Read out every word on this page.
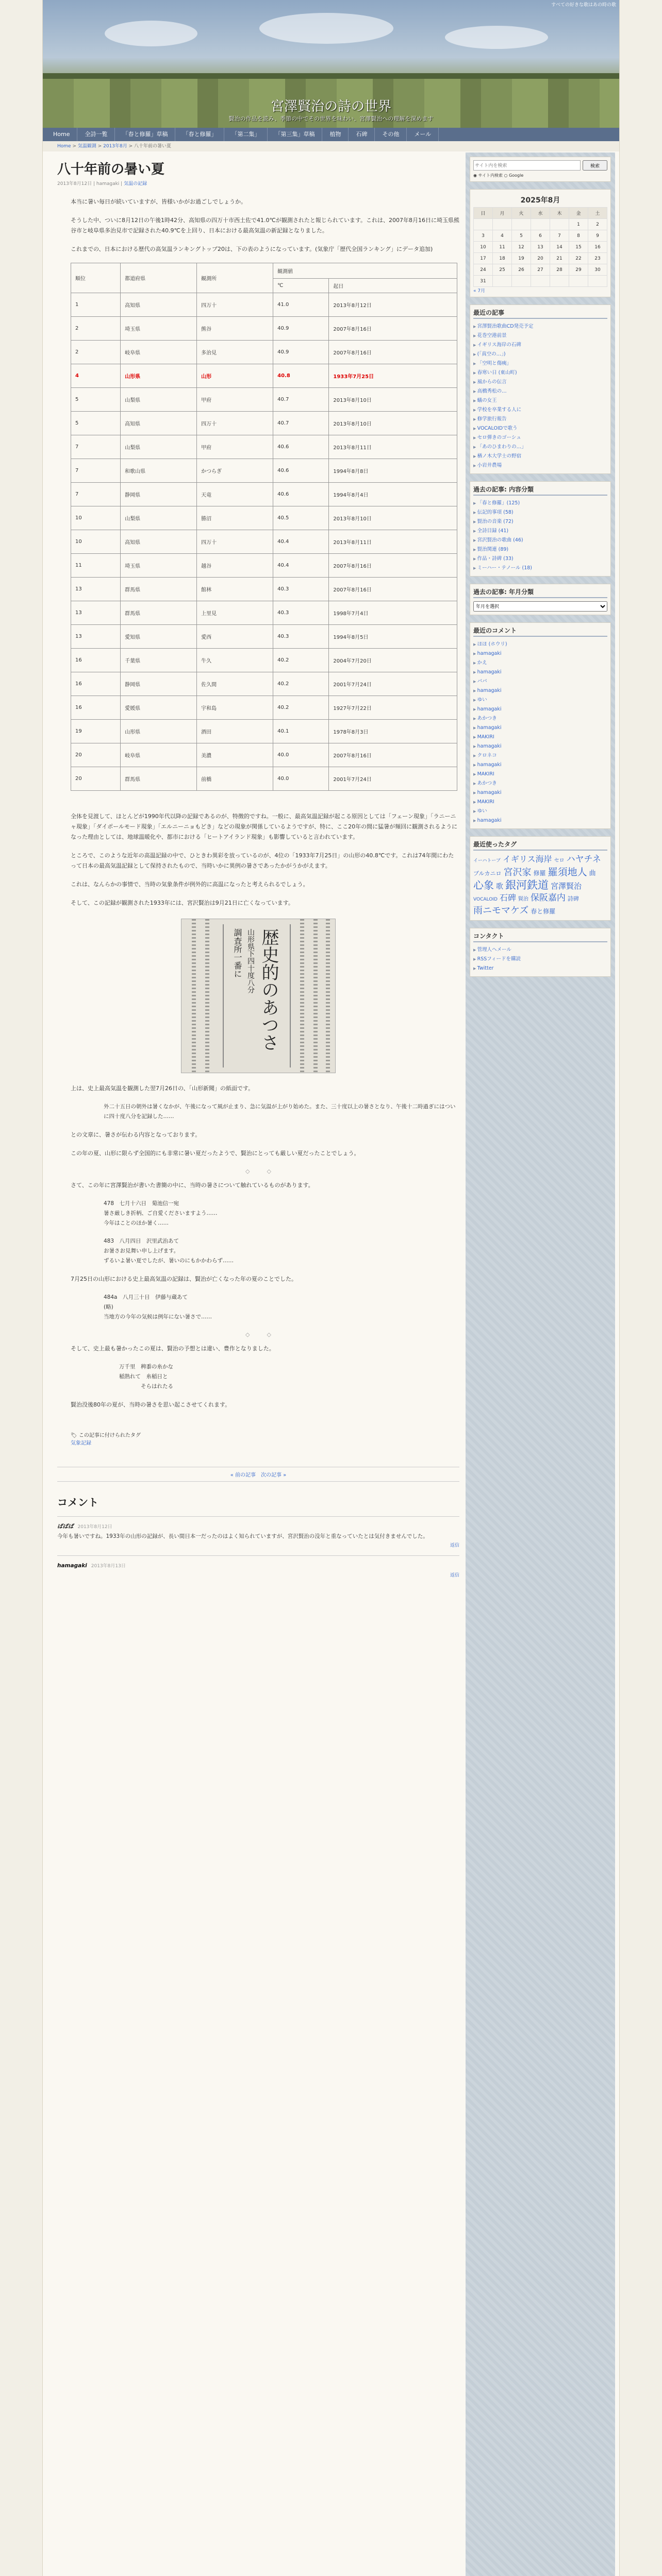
すべての好きな歌はあの時の歌
宮澤賢治の詩の世界
賢治の作品を読み、季節の中でその世界を味わい、宮澤賢治への理解を深めます
Home	全詩一覧	「春と修羅」草稿	「春と修羅」	「第二集」	「第三集」草稿	植物	石碑	その他	メール
Home > 気温観測 > 2013年8月 > 八十年前の暑い夏
八十年前の暑い夏
2013年8月12日 | hamagaki | 気温の記録

本当に暑い毎日が続いていますが、皆様いかがお過ごしでしょうか。

そうした中、ついに8月12日の午後1時42分、高知県の四万十市西土佐で41.0℃が観測されたと報じられています。これは、2007年8月16日に埼玉県熊谷市と岐阜県多治見市で記録された40.9℃を上回り、日本における最高気温の新記録となりました。

これまでの、日本における歴代の高気温ランキングトップ20は、下の表のようになっています。(気象庁「歴代全国ランキング」にデータ追加)

順位	都道府県	観測所	観測値	
			℃	起日
1	高知県	四万十	41.0	2013年8月12日
2	埼玉県	熊谷	40.9	2007年8月16日
2	岐阜県	多治見	40.9	2007年8月16日
4	山形県	山形	40.8	1933年7月25日
5	山梨県	甲府	40.7	2013年8月10日
5	高知県	四万十	40.7	2013年8月10日
7	山梨県	甲府	40.6	2013年8月11日
7	和歌山県	かつらぎ	40.6	1994年8月8日
7	静岡県	天竜	40.6	1994年8月4日
10	山梨県	勝沼	40.5	2013年8月10日
10	高知県	四万十	40.4	2013年8月11日
11	埼玉県	越谷	40.4	2007年8月16日
13	群馬県	館林	40.3	2007年8月16日
13	群馬県	上里見	40.3	1998年7月4日
13	愛知県	愛西	40.3	1994年8月5日
16	千葉県	牛久	40.2	2004年7月20日
16	静岡県	佐久間	40.2	2001年7月24日
16	愛媛県	宇和島	40.2	1927年7月22日
19	山形県	酒田	40.1	1978年8月3日
20	岐阜県	美濃	40.0	2007年8月16日
20	群馬県	前橋	40.0	2001年7月24日

全体を見渡して、ほとんどが1990年代以降の記録であるのが、特徴的ですね。一般に、最高気温記録が起こる原因としては「フェーン現象」「ラニーニャ現象」「ダイポールモード現象」「エルニーニョもどき」などの現象が関係しているようですが、特に、ここ20年の間に猛暑が頻回に観測されるようになった理由としては、地球温暖化や、都市における「ヒートアイランド現象」も影響していると言われています。

ところで、このような近年の高温記録の中で、ひときわ異彩を放っているのが、4位の「1933年7月25日」の山形の40.8℃です。これは74年間にわたって日本の最高気温記録として保持されたもので、当時いかに異例の暑さであったかがうかがえます。

これは、なんらかの事情で、当時の気象条件が例外的に高温になったと考えられるでしょう。

そして、この記録が観測された1933年には、宮沢賢治は9月21日に亡くなっています。

歴史的のあつさ
山形県下四十度八分
調査所一番に

上は、史上最高気温を観測した翌7月26日の、「山形新聞」の紙面です。

外二十五日の朝外は暑くなかが、午後になって風が止まり、急に気温が上がり始めた。また、三十度以上の暑さとなり、午後十二時過ぎにはついに四十度八分を記録した……

との文章に、暑さが伝わる内容となっております。

この年の夏、山形に限らず全国的にも非常に暑い夏だったようで、賢治にとっても厳しい夏だったことでしょう。

◇　　　◇

さて、この年に宮澤賢治が書いた書簡の中に、当時の暑さについて触れているものがあります。

478　七月十六日　菊池信一宛
暑さ厳しき折柄、ご自愛くださいますよう……
今年はことのほか暑く……

483　八月四日　沢里武治あて
お暑さお見舞い申し上げます。
ずるいよ暑い夏でしたが、暑いのにもかかわらず……

7月25日の山形における史上最高気温の記録は、賢治が亡くなった年の夏のことでした。

484a　八月三十日　伊藤与蔵あて
(略)
当地方の今年の気候は例年にない暑さで……

◇　　　◇

そして、史上最も暑かったこの夏は、賢治の予想とは違い、豊作となりました。

万千里　稗黍の糸かな
稲熟れて　糸稲日と
　　　　そらはれたる

賢治没後80年の夏が、当時の暑さを思い起こさせてくれます。

🏷 この記事に付けられたタグ
気象記録
« 前の記事　次の記事 »
コメント
ばばば 2013年8月12日
今年も暑いですね。1933年の山形の記録が、長い間日本一だったのはよく知られていますが、宮沢賢治の没年と重なっていたとは気付きませんでした。
返信
hamagaki 2013年8月13日
返信
サイト内を検索
検索
◉ サイト内検索 ○ Google
2025年8月
日	月	火	水	木	金	土
					1	2
3	4	5	6	7	8	9
10	11	12	13	14	15	16
17	18	19	20	21	22	23
24	25	26	27	28	29	30
31						
« 7月
最近の記事
▶ 宮澤賢治歌曲CD発売予定
▶ 花巻空港前景
▶ イギリス海岸の石碑
▶ (「真空の…」)
▶ 「空明と傷痍」
▶ 春寒い日 (東山町)
▶ 風からの伝言
▶ 高橋秀松の…
▶ 蟻の女王
▶ 学校を卒業する人に
▶ 修学旅行報告
▶ VOCALOIDで歌う
▶ セロ弾きのゴーシュ
▶ 「あのひまわりの…」
▶ 楢ノ木大学士の野宿
▶ 小岩井農場
過去の記事: 内容分類
▶ 「春と修羅」(125)
▶ 伝記的事項 (58)
▶ 賢治の音楽 (72)
▶ 全詩目録 (41)
▶ 宮沢賢治の歌曲 (46)
▶ 賢治関連 (89)
▶ 作品・詩碑 (33)
▶ ミーハー・テノール (18)
過去の記事: 年月分類
年月を選択
最近のコメント
▶ ほほ (ホウリ)
▶ hamagaki
▶ かえ
▶ hamagaki
▶ ババ
▶ hamagaki
▶ ゆい
▶ hamagaki
▶ あかつき
▶ hamagaki
▶ MAKIRI
▶ hamagaki
▶ クロネコ
▶ hamagaki
▶ MAKIRI
▶ あかつき
▶ hamagaki
▶ MAKIRI
▶ ゆい
▶ hamagaki
最近使ったタグ
イーハトーブ イギリス海岸 セロ ハヤチネブルカニロ 宮沢家 修羅 羅須地人 曲心象 歌 銀河鉄道 宮澤賢治VOCALOID 石碑 賢治 保阪嘉内 詩碑雨ニモマケズ 春と修羅
コンタクト
▶ 管理人へメール
▶ RSSフィードを購読
▶ Twitter
